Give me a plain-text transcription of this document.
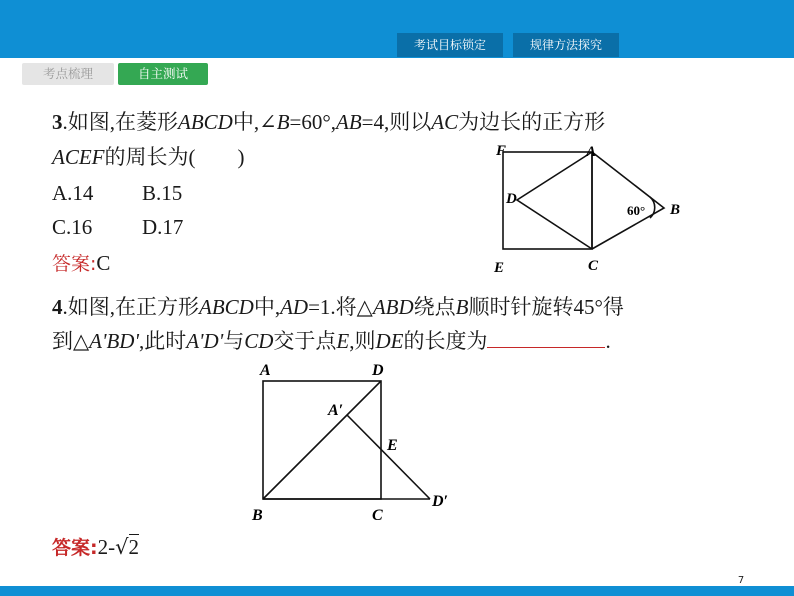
考试目标锁定	规律方法探究
考点梳理	自主测试
3.如图,在菱形ABCD中,∠B=60°,AB=4,则以AC为边长的正方形
ACEF的周长为(　　)
A.14 B.15
C.16 D.17
答案:C
F	A
D
B
E	C
60°
4.如图,在正方形ABCD中,AD=1.将△ABD绕点B顺时针旋转45°得
到△A'BD',此时A'D'与CD交于点E,则DE的长度为	.
A	D
A′
E
D′
B	C
答案:2-√2
7
